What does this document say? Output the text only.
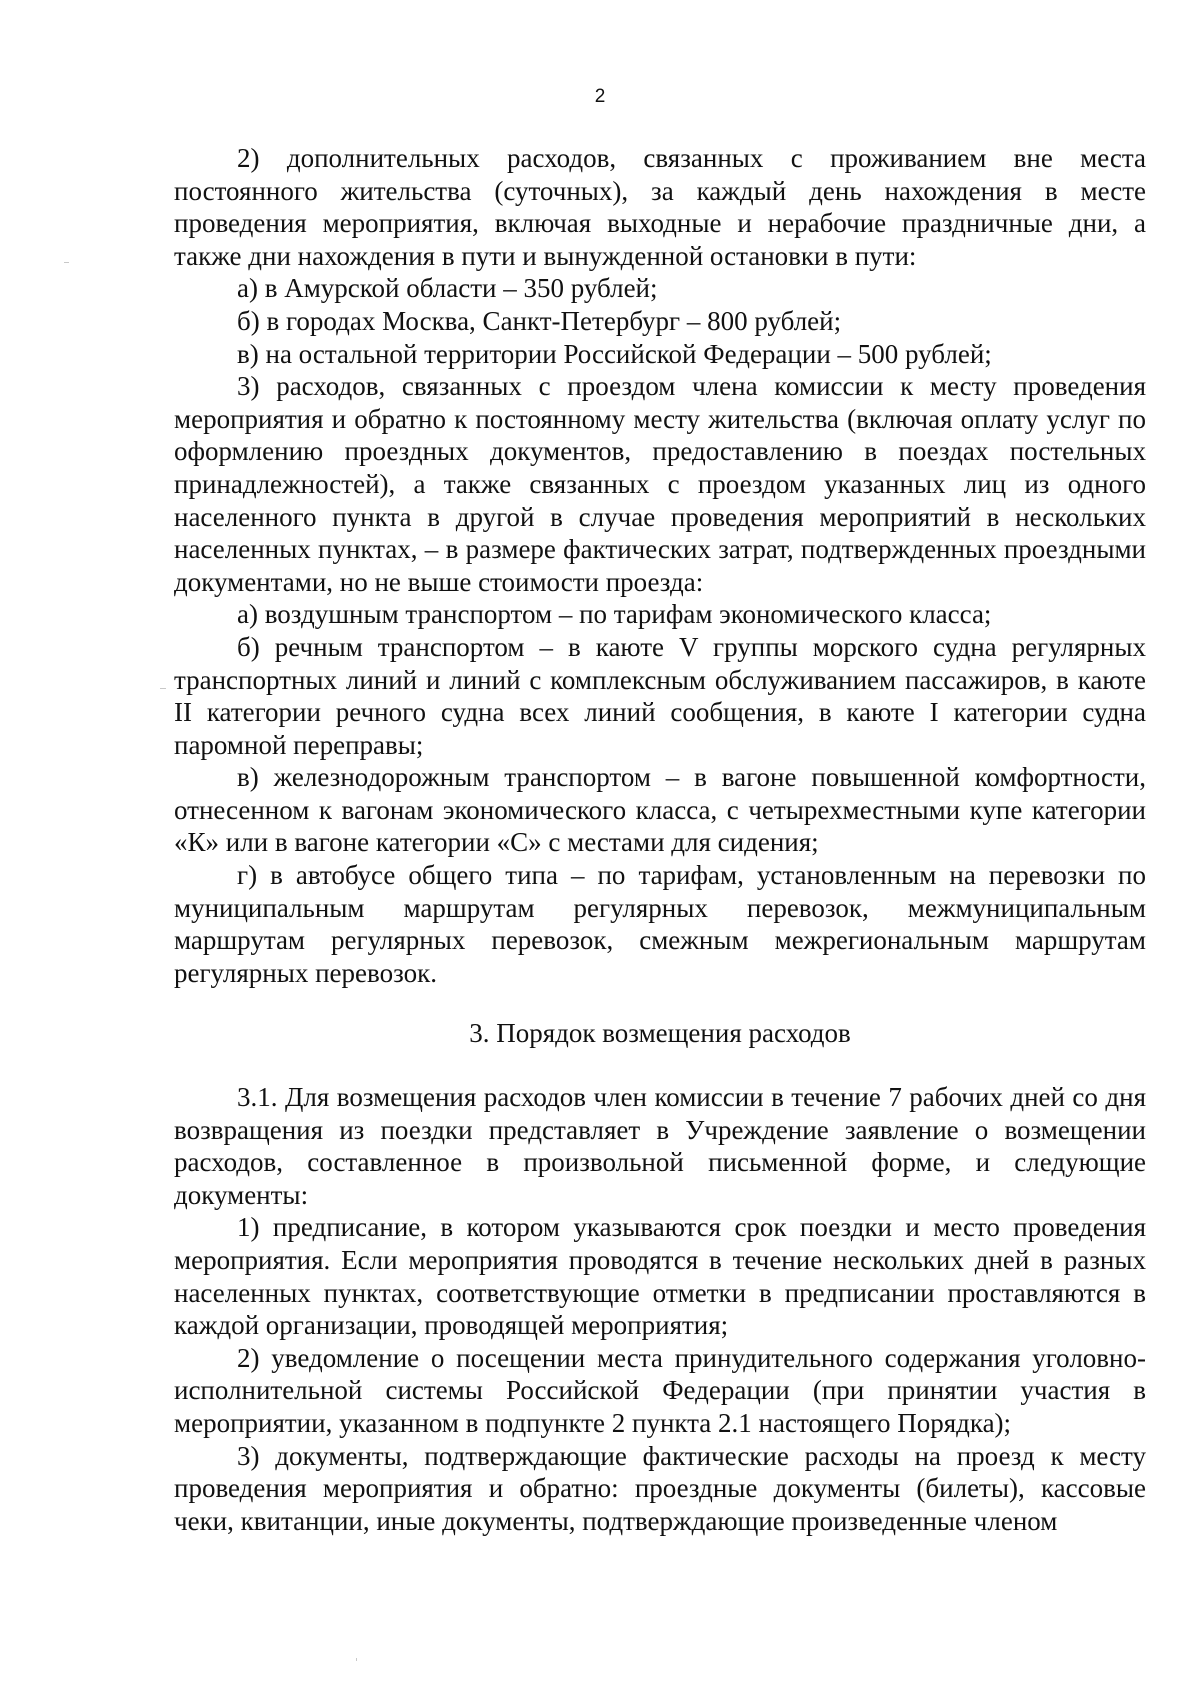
2

2) дополнительных расходов, связанных с проживанием вне места постоянного жительства (суточных), за каждый день нахождения в месте проведения мероприятия, включая выходные и нерабочие праздничные дни, а также дни нахождения в пути и вынужденной остановки в пути:

а) в Амурской области – 350 рублей;

б) в городах Москва, Санкт-Петербург – 800 рублей;

в) на остальной территории Российской Федерации – 500 рублей;

3) расходов, связанных с проездом члена комиссии к месту проведения мероприятия и обратно к постоянному месту жительства (включая оплату услуг по оформлению проездных документов, предоставлению в поездах постельных принадлежностей), а также связанных с проездом указанных лиц из одного населенного пункта в другой в случае проведения мероприятий в нескольких населенных пунктах, – в размере фактических затрат, подтвержденных проездными документами, но не выше стоимости проезда:

а) воздушным транспортом – по тарифам экономического класса;

б) речным транспортом – в каюте V группы морского судна регулярных транспортных линий и линий с комплексным обслуживанием пассажиров, в каюте II категории речного судна всех линий сообщения, в каюте I категории судна паромной переправы;

в) железнодорожным транспортом – в вагоне повышенной комфортности, отнесенном к вагонам экономического класса, с четырехместными купе категории «К» или в вагоне категории «С» с местами для сидения;

г) в автобусе общего типа – по тарифам, установленным на перевозки по муниципальным маршрутам регулярных перевозок, межмуниципальным маршрутам регулярных перевозок, смежным межрегиональным маршрутам регулярных перевозок.

3. Порядок возмещения расходов

3.1. Для возмещения расходов член комиссии в течение 7 рабочих дней со дня возвращения из поездки представляет в Учреждение заявление о возмещении расходов, составленное в произвольной письменной форме, и следующие документы:

1) предписание, в котором указываются срок поездки и место проведения мероприятия. Если мероприятия проводятся в течение нескольких дней в разных населенных пунктах, соответствующие отметки в предписании проставляются в каждой организации, проводящей мероприятия;

2) уведомление о посещении места принудительного содержания уголовно-исполнительной системы Российской Федерации (при принятии участия в мероприятии, указанном в подпункте 2 пункта 2.1 настоящего Порядка);

3) документы, подтверждающие фактические расходы на проезд к месту проведения мероприятия и обратно: проездные документы (билеты), кассовые чеки, квитанции, иные документы, подтверждающие произведенные членом
